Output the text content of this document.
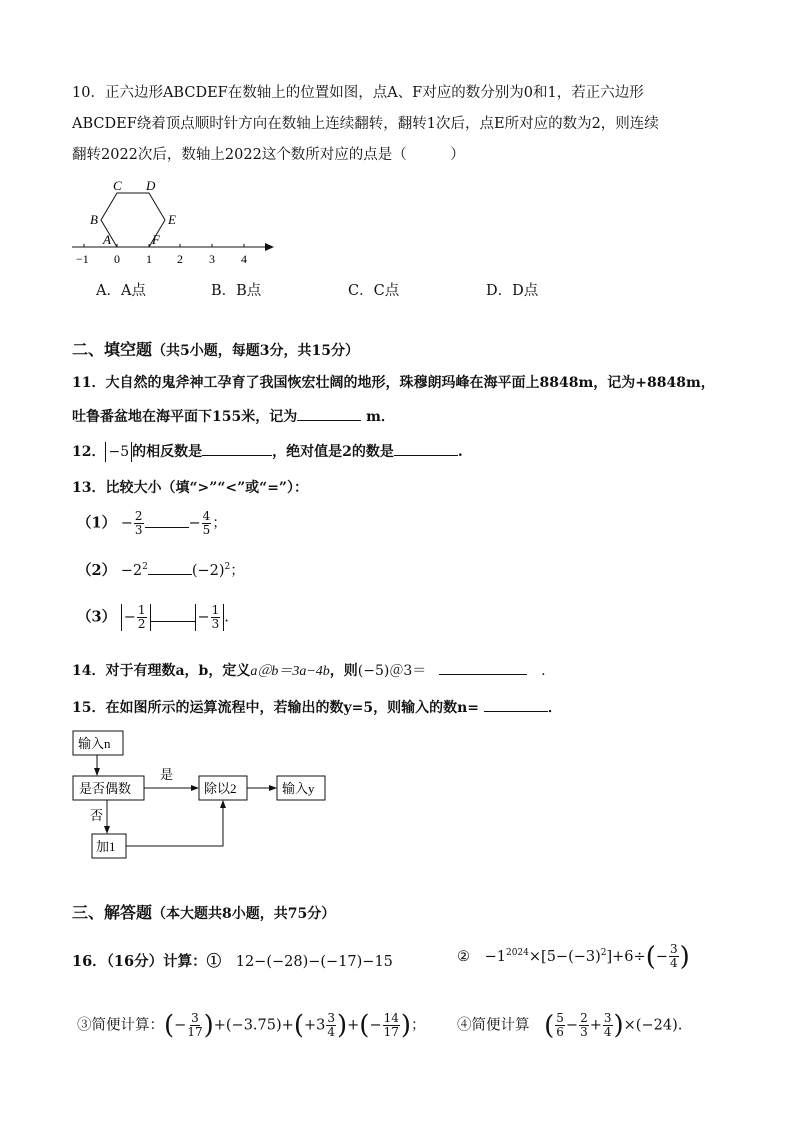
10．正六边形ABCDEF在数轴上的位置如图，点A、F对应的数分别为0和1，若正六边形
ABCDEF绕着顶点顺时针方向在数轴上连续翻转，翻转1次后，点E所对应的数为2，则连续
翻转2022次后，数轴上2022这个数所对应的点是（　　　）
A
B
C D
E
F
−1 0 1 2 3 4
A．A点	B．B点	C．C点	D．D点
二、填空题（共5小题，每题3分，共15分）
11．大自然的鬼斧神工孕育了我国恢宏壮阔的地形，珠穆朗玛峰在海平面上8848m，记为+8848m，
吐鲁番盆地在海平面下155米，记为	m．
12． −5 的相反数是	，绝对值是2的数是	.
13．比较大小（填“>”“<”或“=”）：
$(1) - \frac{2}{3}$	− $\frac{4}{5}$ ；
$(2) -2^2$	$(-2)^2$；
$(3) - \frac{1}{2}$	− $\frac{1}{3}$ .
14．对于有理数a，b，定义a＠b＝3a−4b，则(−5)＠3＝	.
15．在如图所示的运算流程中，若输出的数y=5，则输入的数n=	．
输入n
是否偶数
是
除以2	输入y
否
加1
三、解答题（本大题共8小题，共75分）
16．（16分）计算：① 12−(−28)−(−17)−15	② $-1^{2024}\times[5-(-3)^2]+6\div(- \frac{3}{4}$ )
③简便计算：(− $\frac{3}{17} )+(-3.75)+(+3 \frac{3}{4}$ )+(− $\frac{14}{17}$ )； ④简便计算 ( $\frac{5}{6} - \frac{2}{3} + \frac{3}{4} )\times(-24)$.
